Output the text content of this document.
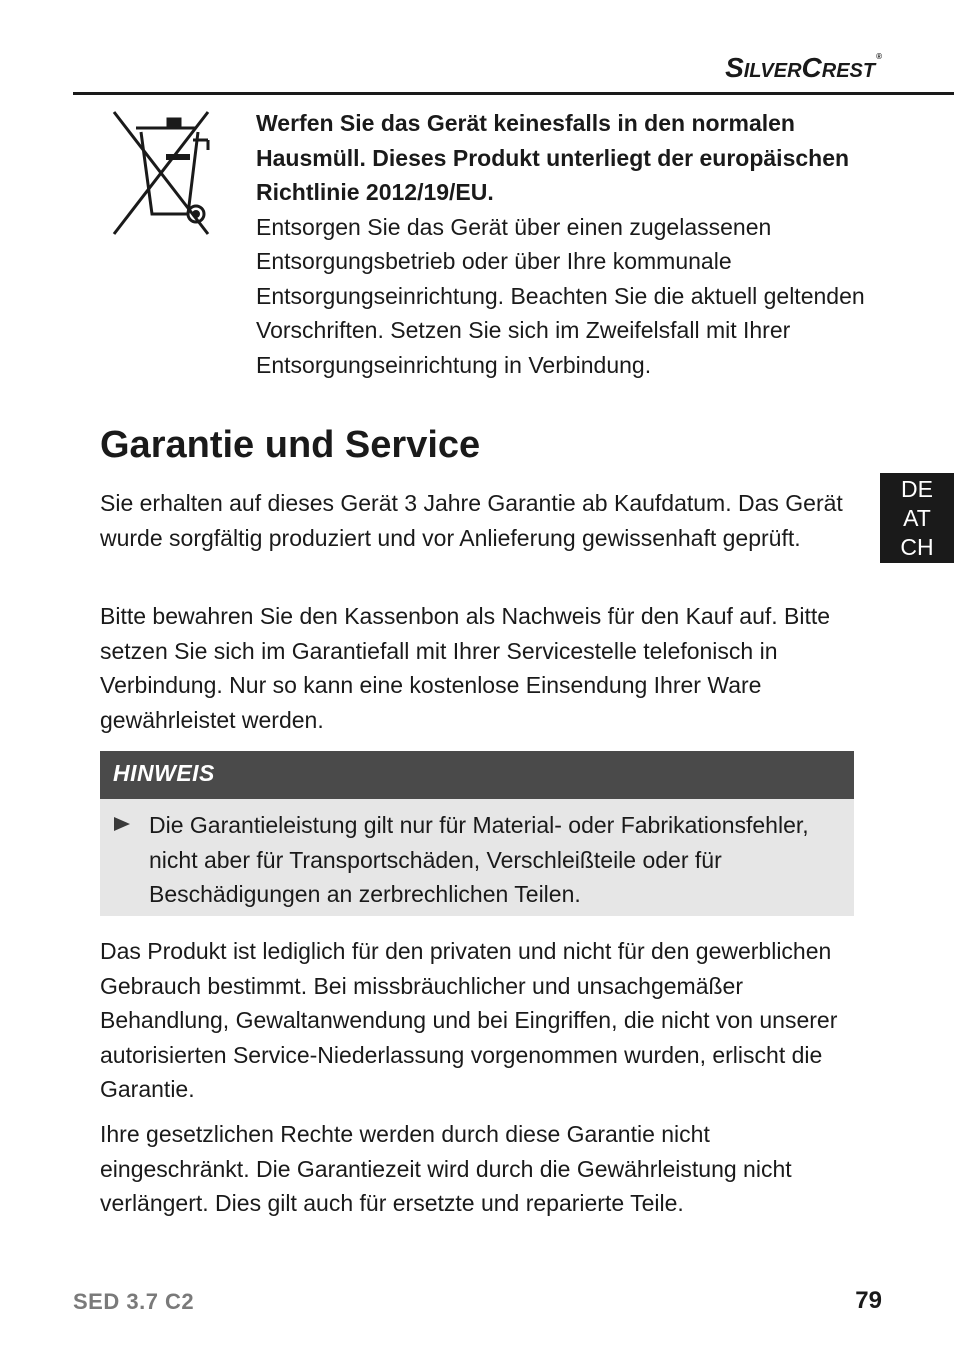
SilverCrest®

Werfen Sie das Gerät keinesfalls in den normalen Hausmüll. Dieses Produkt unterliegt der europäischen Richtlinie 2012/19/EU.

Entsorgen Sie das Gerät über einen zugelassenen Entsorgungsbetrieb oder über Ihre kommunale Entsorgungseinrichtung. Beachten Sie die aktuell geltenden Vorschriften. Setzen Sie sich im Zweifelsfall mit Ihrer Entsorgungseinrichtung in Verbindung.

Garantie und Service

Sie erhalten auf dieses Gerät 3 Jahre Garantie ab Kaufdatum. Das Gerät wurde sorgfältig produziert und vor Anlieferung gewissenhaft geprüft.

Bitte bewahren Sie den Kassenbon als Nachweis für den Kauf auf. Bitte setzen Sie sich im Garantiefall mit Ihrer Servicestelle telefonisch in Verbindung. Nur so kann eine kostenlose Einsendung Ihrer Ware gewährleistet werden.

HINWEIS

Die Garantieleistung gilt nur für Material- oder Fabrikationsfehler, nicht aber für Transportschäden, Verschleißteile oder für Beschädigungen an zerbrechlichen Teilen.

Das Produkt ist lediglich für den privaten und nicht für den gewerblichen Gebrauch bestimmt. Bei missbräuchlicher und unsachgemäßer Behandlung, Gewaltanwendung und bei Eingriffen, die nicht von unserer autorisierten Service-Niederlassung vorgenommen wurden, erlischt die Garantie.

Ihre gesetzlichen Rechte werden durch diese Garantie nicht eingeschränkt. Die Garantiezeit wird durch die Gewährleistung nicht verlängert. Dies gilt auch für ersetzte und reparierte Teile.

DE
AT
CH
SED 3.7 C2	79
